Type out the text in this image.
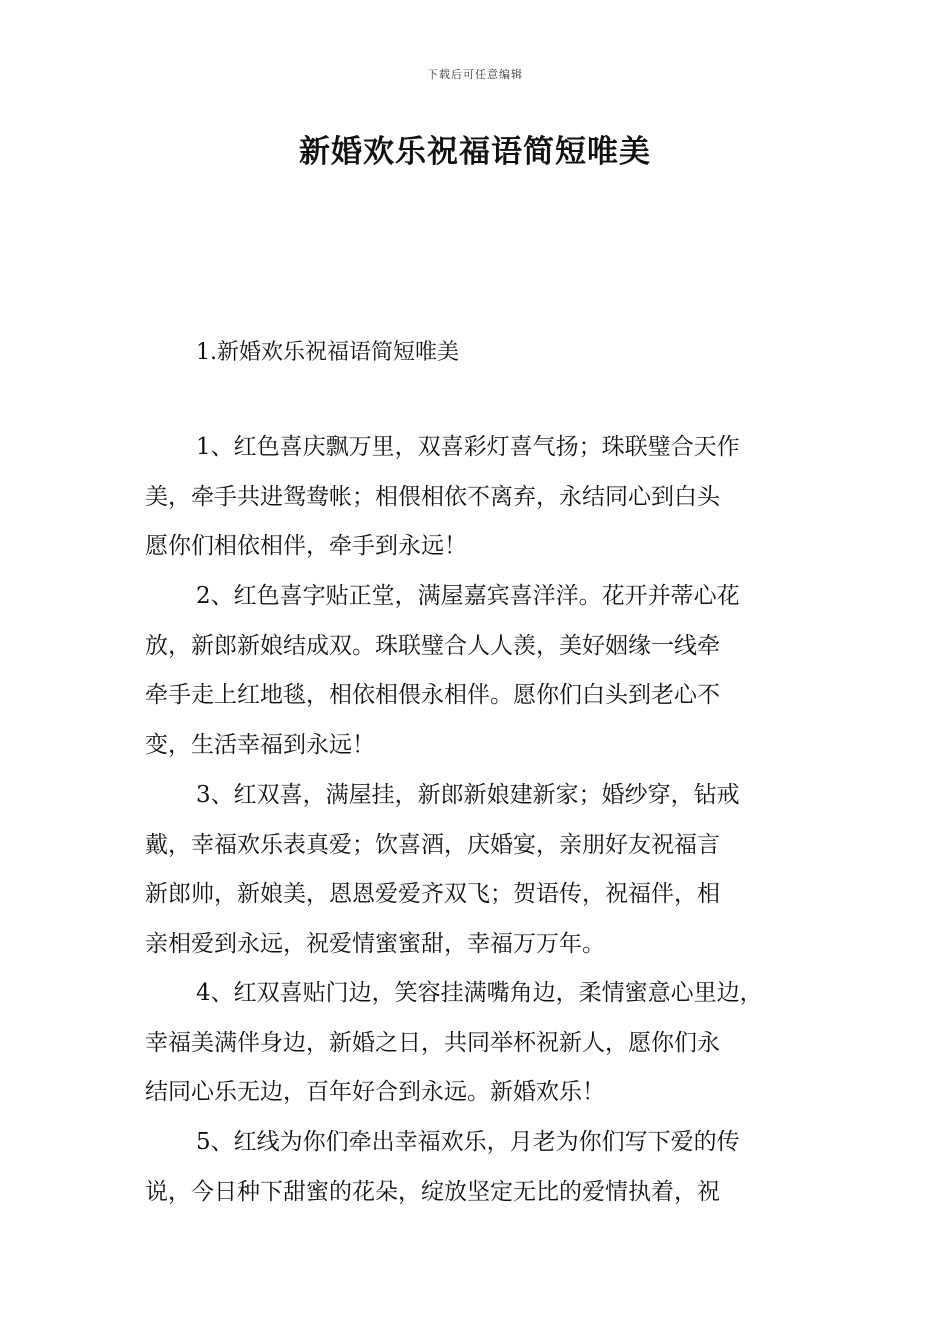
下载后可任意编辑
新婚欢乐祝福语简短唯美
1.新婚欢乐祝福语简短唯美
1、红色喜庆飘万里，双喜彩灯喜气扬；珠联璧合天作
美，牵手共进鸳鸯帐；相偎相依不离弃，永结同心到白头
愿你们相依相伴，牵手到永远！
2、红色喜字贴正堂，满屋嘉宾喜洋洋。花开并蒂心花
放，新郎新娘结成双。珠联璧合人人羡，美好姻缘一线牵
牵手走上红地毯，相依相偎永相伴。愿你们白头到老心不
变，生活幸福到永远！
3、红双喜，满屋挂，新郎新娘建新家；婚纱穿，钻戒
戴，幸福欢乐表真爱；饮喜酒，庆婚宴，亲朋好友祝福言
新郎帅，新娘美，恩恩爱爱齐双飞；贺语传，祝福伴，相
亲相爱到永远，祝爱情蜜蜜甜，幸福万万年。
4、红双喜贴门边，笑容挂满嘴角边，柔情蜜意心里边，
幸福美满伴身边，新婚之日，共同举杯祝新人，愿你们永
结同心乐无边，百年好合到永远。新婚欢乐！
5、红线为你们牵出幸福欢乐，月老为你们写下爱的传
说，今日种下甜蜜的花朵，绽放坚定无比的爱情执着，祝
